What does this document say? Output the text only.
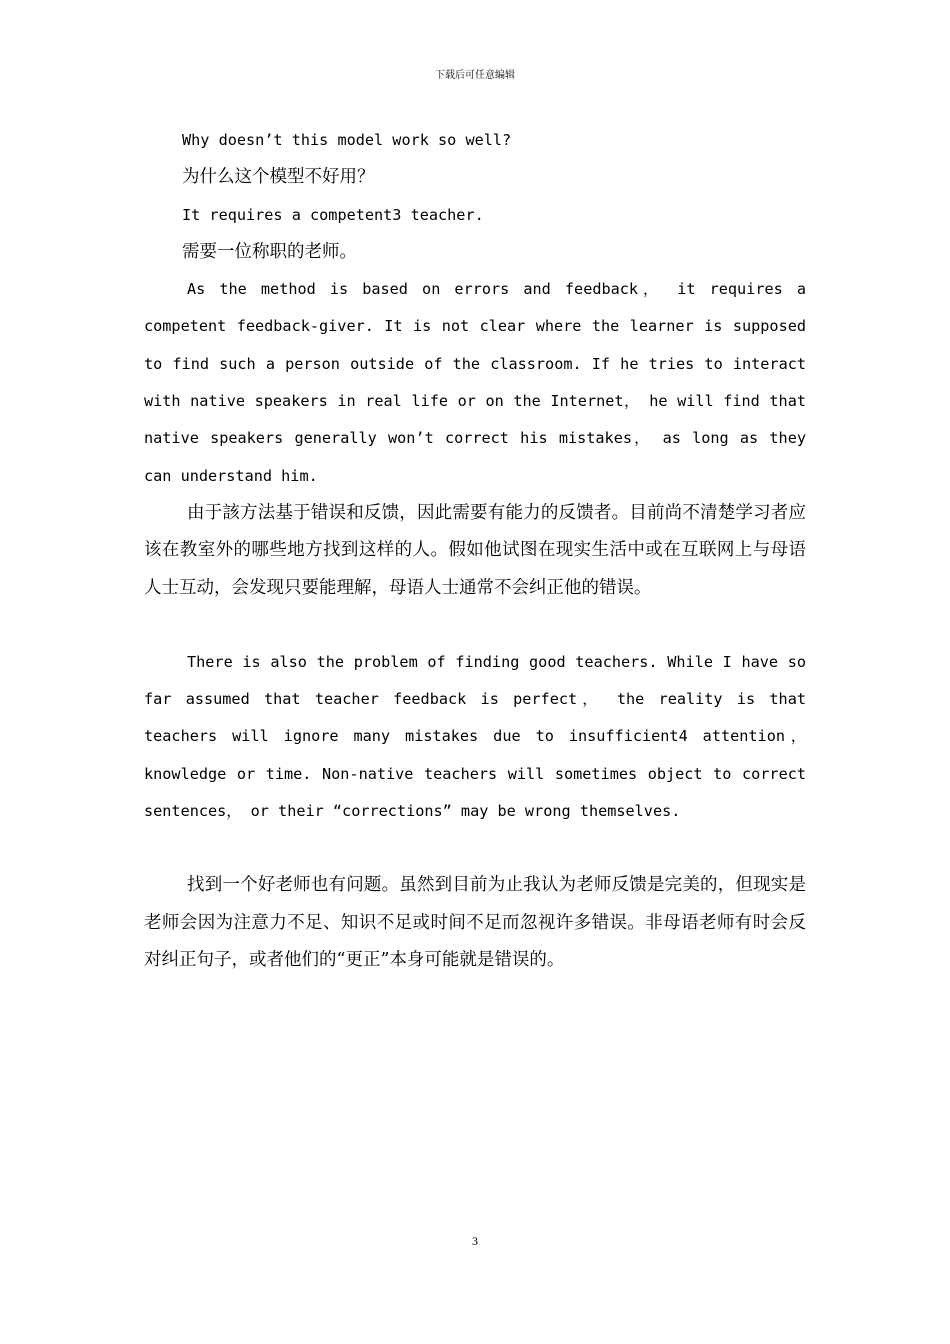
下载后可任意编辑

Why doesn’t this model work so well?

为什么这个模型不好用？

It requires a competent3 teacher.

需要一位称职的老师。

As the method is based on errors and feedback， it requires a competent feedback-giver. It is not clear where the learner is supposed to find such a person outside of the classroom. If he tries to interact with native speakers in real life or on the Internet， he will find that native speakers generally won’t correct his mistakes， as long as they can understand him.

由于該方法基于错误和反馈，因此需要有能力的反馈者。目前尚不清楚学习者应该在教室外的哪些地方找到这样的人。假如他试图在现实生活中或在互联网上与母语人士互动，会发现只要能理解，母语人士通常不会纠正他的错误。

There is also the problem of finding good teachers. While I have so far assumed that teacher feedback is perfect， the reality is that teachers will ignore many mistakes due to insufficient4 attention， knowledge or time. Non-native teachers will sometimes object to correct sentences， or their “corrections” may be wrong themselves.

找到一个好老师也有问题。虽然到目前为止我认为老师反馈是完美的，但现实是老师会因为注意力不足、知识不足或时间不足而忽视许多错误。非母语老师有时会反对纠正句子，或者他们的“更正”本身可能就是错误的。

3
